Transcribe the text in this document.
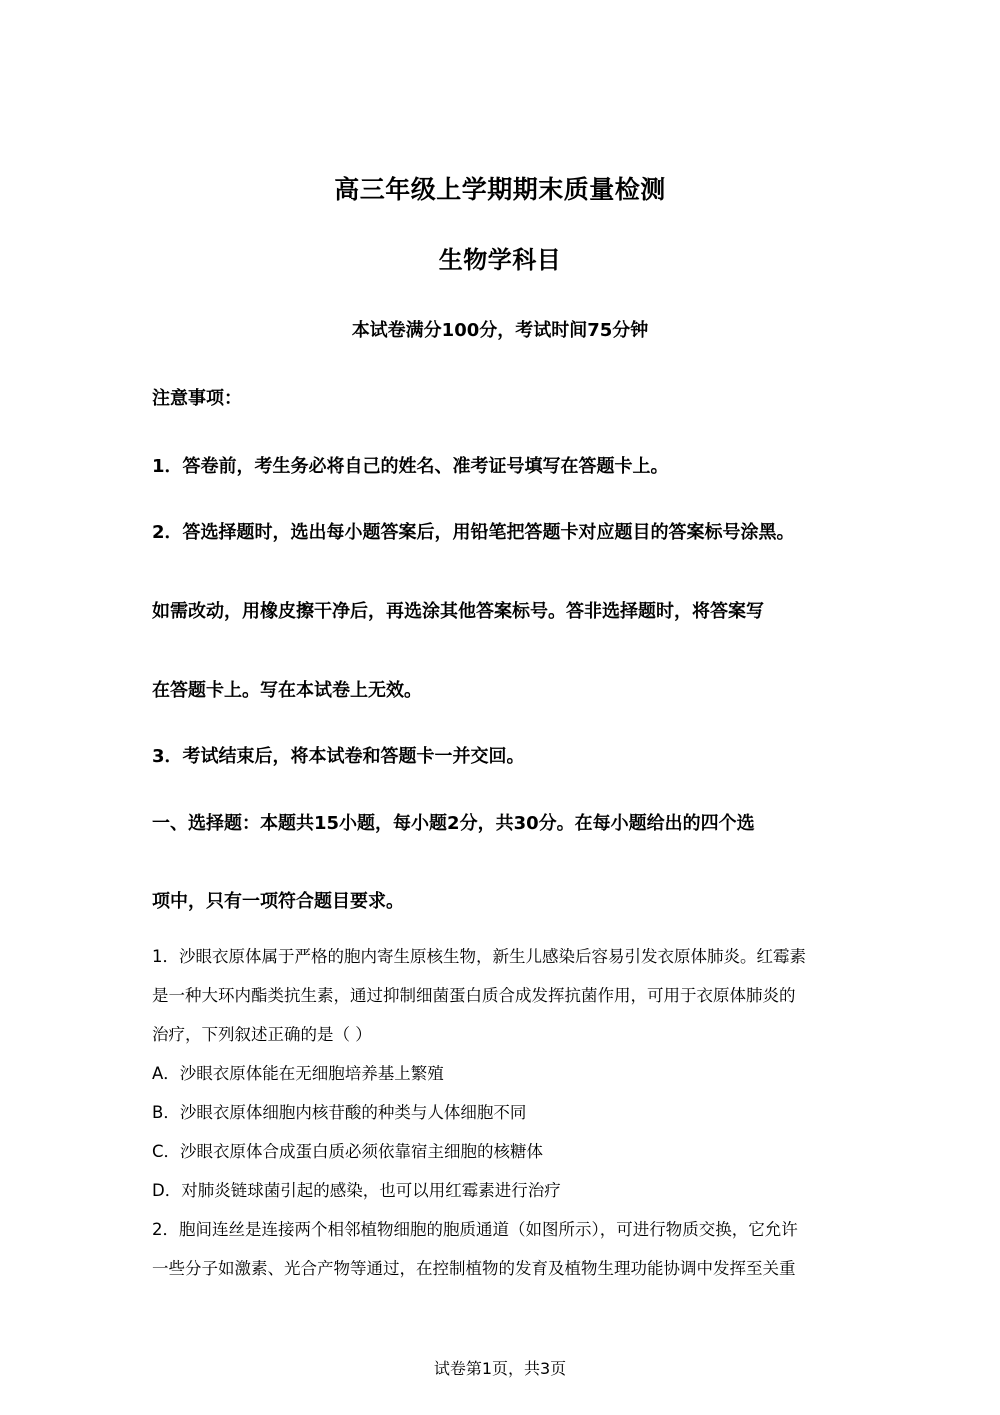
高三年级上学期期末质量检测
生物学科目
本试卷满分100分，考试时间75分钟
注意事项：
1．答卷前，考生务必将自己的姓名、准考证号填写在答题卡上。
2．答选择题时，选出每小题答案后，用铅笔把答题卡对应题目的答案标号涂黑。
如需改动，用橡皮擦干净后，再选涂其他答案标号。答非选择题时，将答案写
在答题卡上。写在本试卷上无效。
3．考试结束后，将本试卷和答题卡一并交回。
一、选择题：本题共15小题，每小题2分，共30分。在每小题给出的四个选
项中，只有一项符合题目要求。
1．沙眼衣原体属于严格的胞内寄生原核生物，新生儿感染后容易引发衣原体肺炎。红霉素
是一种大环内酯类抗生素，通过抑制细菌蛋白质合成发挥抗菌作用，可用于衣原体肺炎的
治疗，下列叙述正确的是（ ）
A．沙眼衣原体能在无细胞培养基上繁殖
B．沙眼衣原体细胞内核苷酸的种类与人体细胞不同
C．沙眼衣原体合成蛋白质必须依靠宿主细胞的核糖体
D．对肺炎链球菌引起的感染，也可以用红霉素进行治疗
2．胞间连丝是连接两个相邻植物细胞的胞质通道（如图所示），可进行物质交换，它允许
一些分子如激素、光合产物等通过，在控制植物的发育及植物生理功能协调中发挥至关重
试卷第1页，共3页
